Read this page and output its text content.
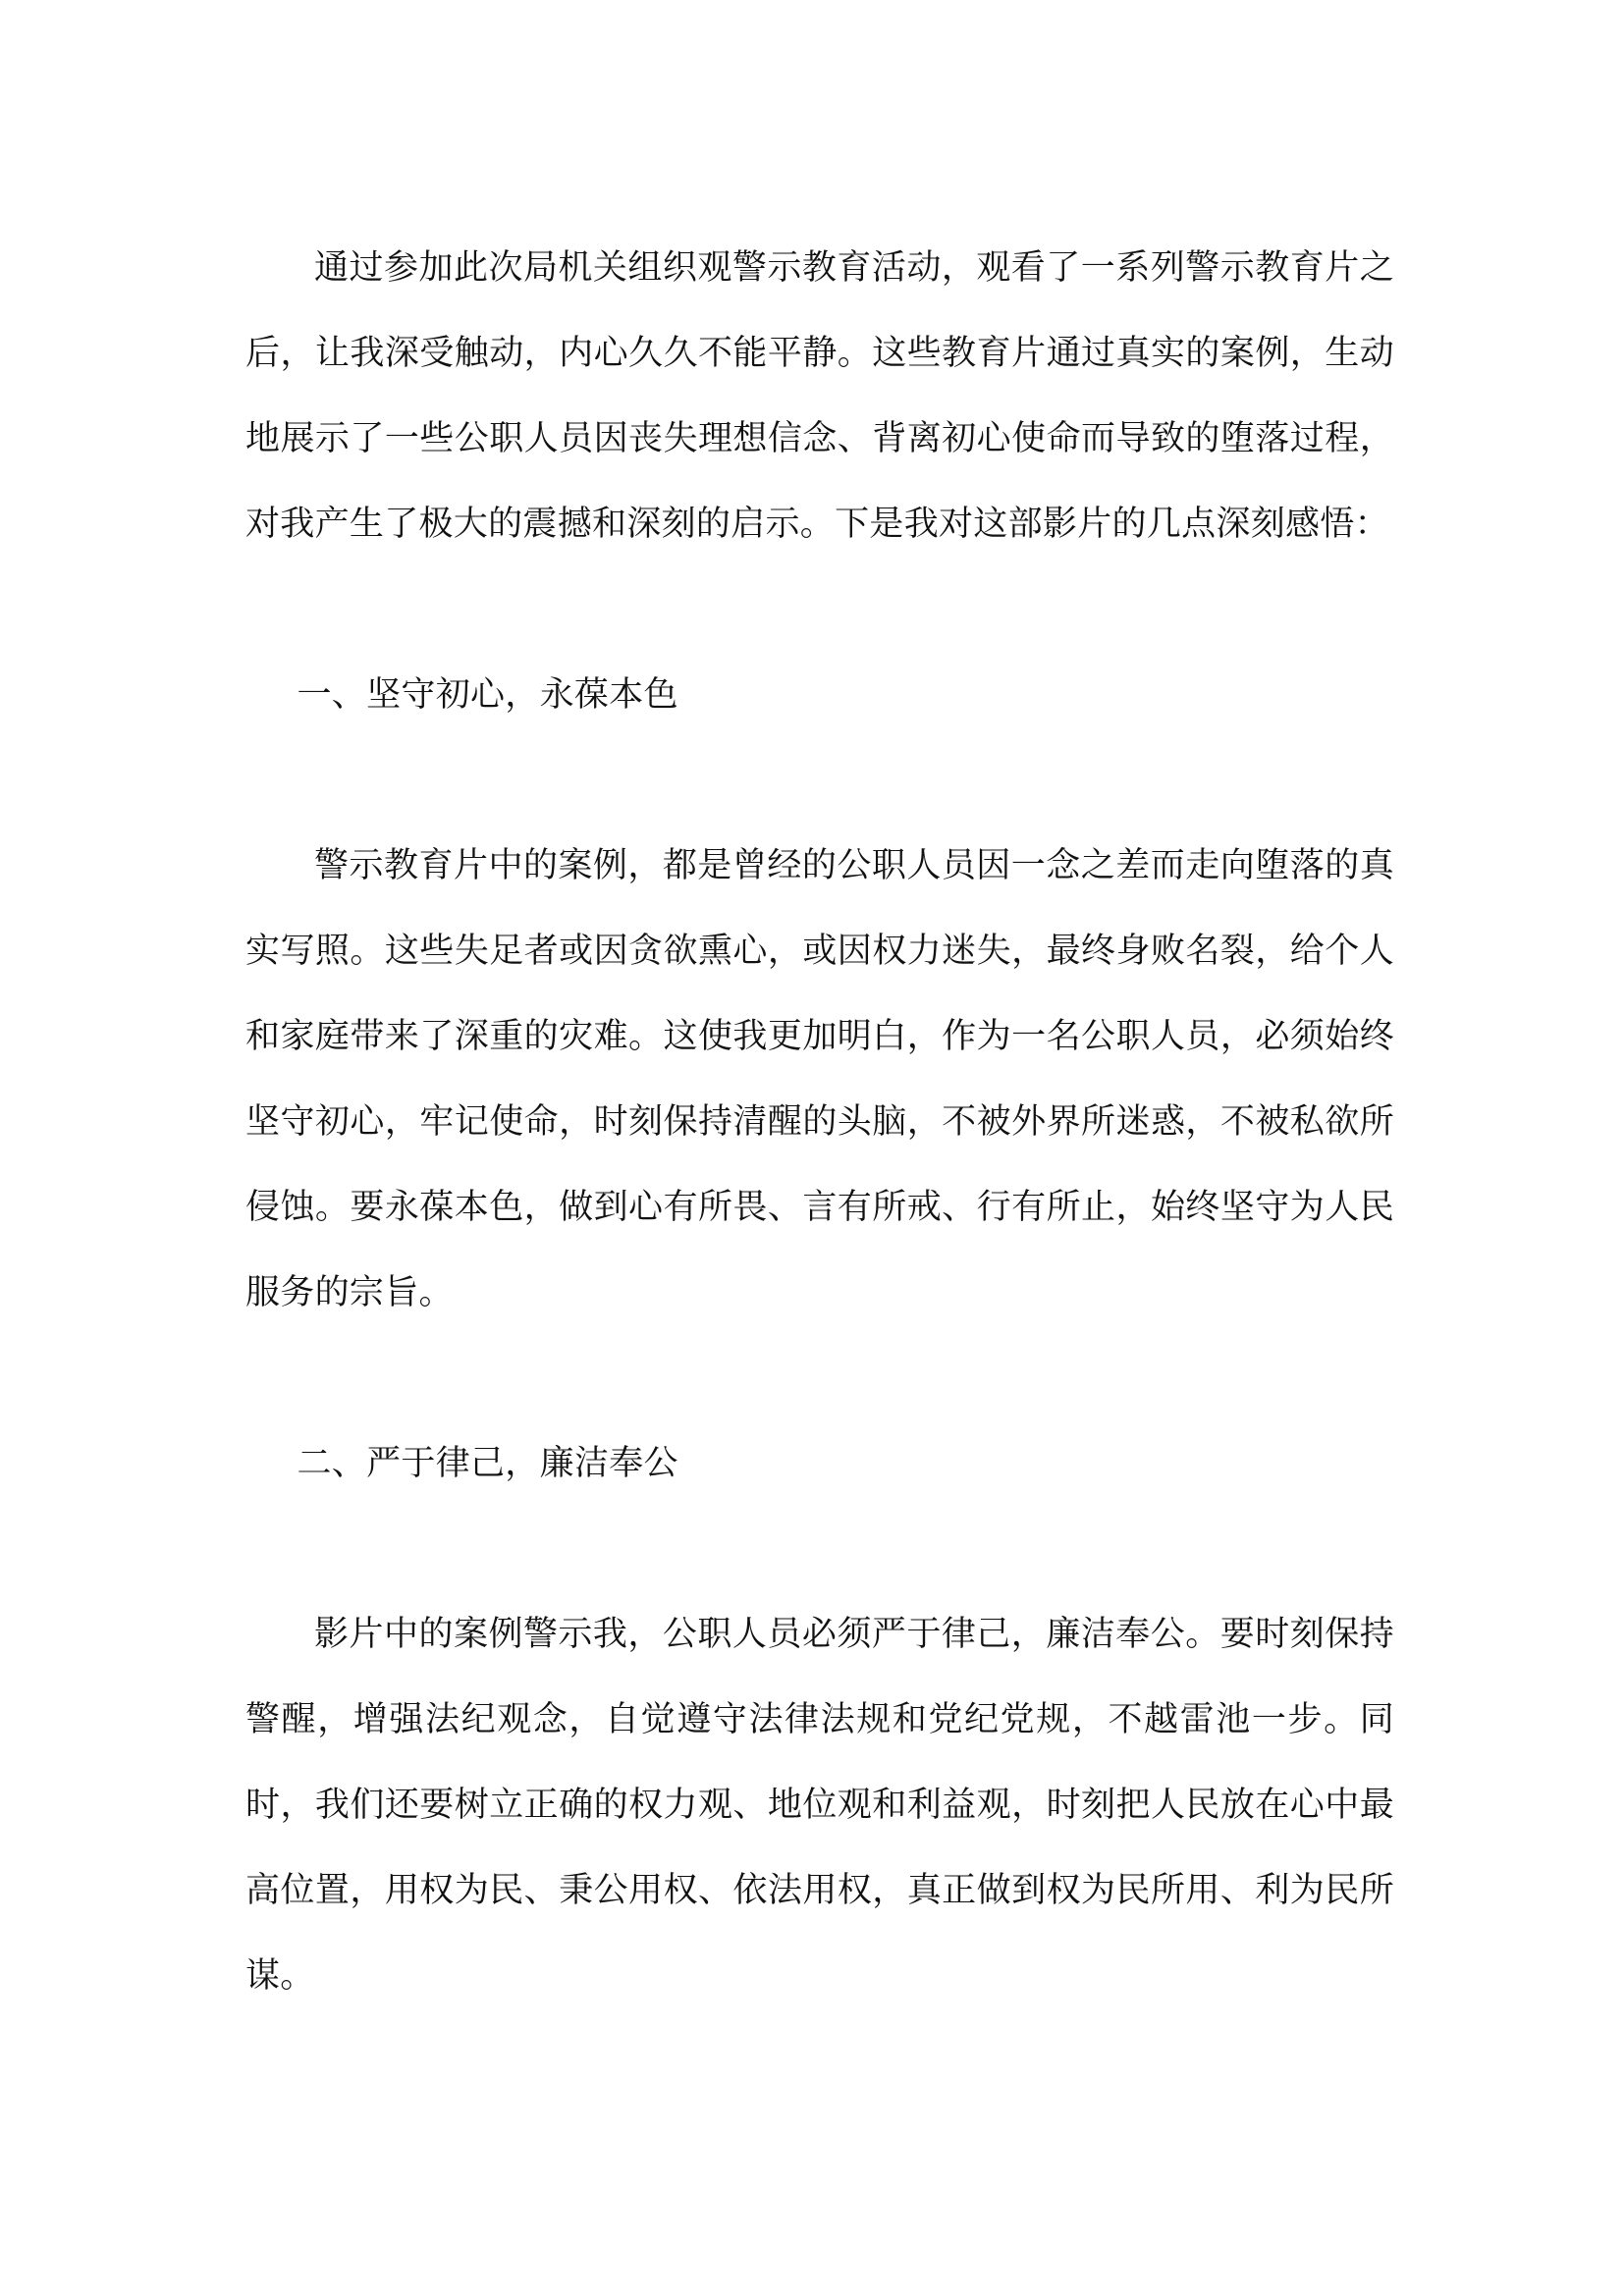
通过参加此次局机关组织观警示教育活动，观看了一系列警示教育片之后，让我深受触动，内心久久不能平静。这些教育片通过真实的案例，生动地展示了一些公职人员因丧失理想信念、背离初心使命而导致的堕落过程，对我产生了极大的震撼和深刻的启示。下是我对这部影片的几点深刻感悟：

一、坚守初心，永葆本色

警示教育片中的案例，都是曾经的公职人员因一念之差而走向堕落的真实写照。这些失足者或因贪欲熏心，或因权力迷失，最终身败名裂，给个人和家庭带来了深重的灾难。这使我更加明白，作为一名公职人员，必须始终坚守初心，牢记使命，时刻保持清醒的头脑，不被外界所迷惑，不被私欲所侵蚀。要永葆本色，做到心有所畏、言有所戒、行有所止，始终坚守为人民服务的宗旨。

二、严于律己，廉洁奉公

影片中的案例警示我，公职人员必须严于律己，廉洁奉公。要时刻保持警醒，增强法纪观念，自觉遵守法律法规和党纪党规，不越雷池一步。同时，我们还要树立正确的权力观、地位观和利益观，时刻把人民放在心中最高位置，用权为民、秉公用权、依法用权，真正做到权为民所用、利为民所谋。
